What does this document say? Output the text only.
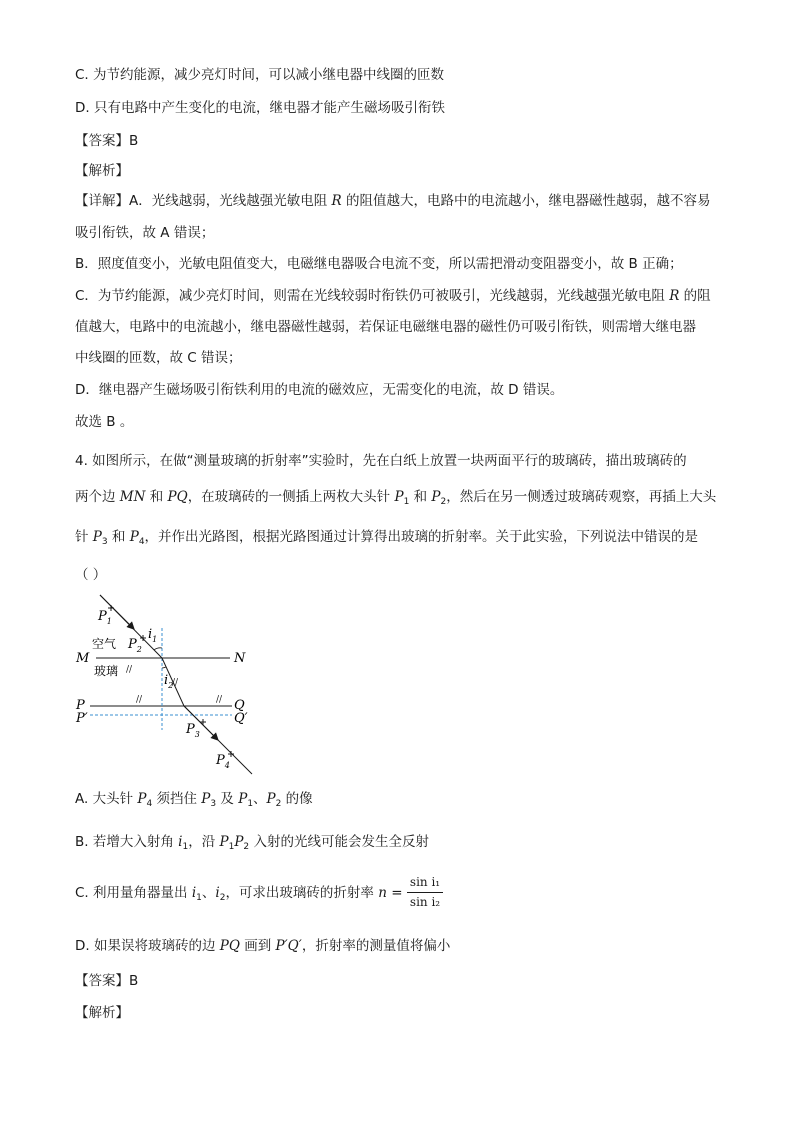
C. 为节约能源，减少亮灯时间，可以减小继电器中线圈的匝数
D. 只有电路中产生变化的电流，继电器才能产生磁场吸引衔铁
【答案】B
【解析】
【详解】A．光线越弱，光线越强光敏电阻 R 的阻值越大，电路中的电流越小，继电器磁性越弱，越不容易
吸引衔铁，故 A 错误；
B．照度值变小，光敏电阻值变大，电磁继电器吸合电流不变，所以需把滑动变阻器变小，故 B 正确；
C．为节约能源，减少亮灯时间，则需在光线较弱时衔铁仍可被吸引，光线越弱，光线越强光敏电阻 R 的阻
值越大，电路中的电流越小，继电器磁性越弱，若保证电磁继电器的磁性仍可吸引衔铁，则需增大继电器
中线圈的匝数，故 C 错误；
D．继电器产生磁场吸引衔铁利用的电流的磁效应，无需变化的电流，故 D 错误。
故选 B 。
4. 如图所示，在做“测量玻璃的折射率”实验时，先在白纸上放置一块两面平行的玻璃砖，描出玻璃砖的
两个边 MN 和 PQ，在玻璃砖的一侧插上两枚大头针 $P_1$ 和 $P_2$，然后在另一侧透过玻璃砖观察，再插上大头
针 $P_3$ 和 $P_4$，并作出光路图，根据光路图通过计算得出玻璃的折射率。关于此实验，下列说法中错误的是
（ ）
//
//
//	//
$P_1$
空气 $P_2$
$i_1$
M	N
玻璃
$i_2$
P
P′
Q
Q′
$P_3$
$P_4$
A. 大头针 $P_4$ 须挡住 $P_3$ 及 $P_1$、$P_2$ 的像
B. 若增大入射角 $i_1$，沿 $P_1P_2$ 入射的光线可能会发生全反射
C. 利用量角器量出 $i_1$、$i_2$，可求出玻璃砖的折射率 n =
sin i₁
sin i₂
D. 如果误将玻璃砖的边 PQ 画到 P′Q′，折射率的测量值将偏小
【答案】B
【解析】
